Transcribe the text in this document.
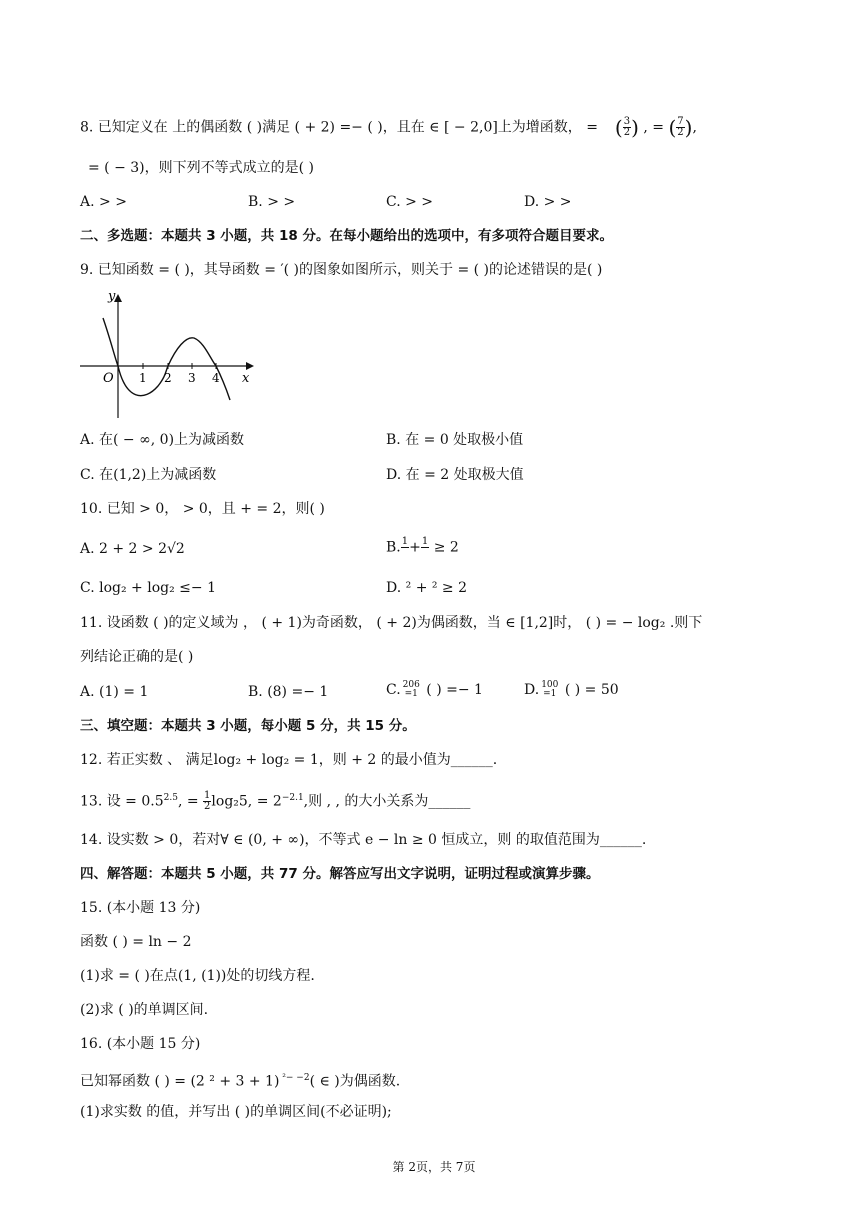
8. 已知定义在 上的偶函数 ( )满足 ( + 2) =− ( )，且在 ∈ [ − 2,0]上为增函数， = ( $\frac{3}{2}$ ) , = ( $\frac{7}{2}$ ),
= ( − 3)，则下列不等式成立的是( )
A. > >	B. > >	C. > >	D. > >
二、多选题：本题共 3 小题，共 18 分。在每小题给出的选项中，有多项符合题目要求。
9. 已知函数 = ( )，其导函数 = ′( )的图象如图所示，则关于 = ( )的论述错误的是( )
y
x
O 1 2 3 4
A. 在( − ∞, 0)上为减函数	B. 在 = 0 处取极小值
C. 在(1,2)上为减函数	D. 在 = 2 处取极大值
10. 已知 > 0， > 0，且 + = 2，则( )
A. 2 + 2 > 2√2	B. 1
+ 1
≥ 2
C. log₂ + log₂ ≤− 1	D. ² + ² ≥ 2
11. 设函数 ( )的定义域为 ， ( + 1)为奇函数， ( + 2)为偶函数，当 ∈ [1,2]时， ( ) = − log₂ .则下
列结论正确的是( )
A. (1) = 1	B. (8) =− 1	C. 206
=1 ( ) =− 1	D. 100
=1 ( ) = 50
三、填空题：本题共 3 小题，每小题 5 分，共 15 分。
12. 若正实数 、 满足log₂ + log₂ = 1，则 + 2 的最小值为______.
13. 设 = $0.5^{2.5}$, = $\frac{1}{2} \log_25$, = $2^{-2.1}$,则 , , 的大小关系为______
14. 设实数 > 0，若对∀ ∈ (0, + ∞)，不等式 e − ln ≥ 0 恒成立，则 的取值范围为______.
四、解答题：本题共 5 小题，共 77 分。解答应写出文字说明，证明过程或演算步骤。
15. (本小题 13 分)
函数 ( ) = ln − 2
(1)求 = ( )在点(1, (1))处的切线方程.
(2)求 ( )的单调区间.
16. (本小题 15 分)
已知幂函数 ( ) = (2 ² + 3 + 1) $^{^2- -2}$( ∈ )为偶函数.
(1)求实数 的值，并写出 ( )的单调区间(不必证明);
第 2页，共 7页
